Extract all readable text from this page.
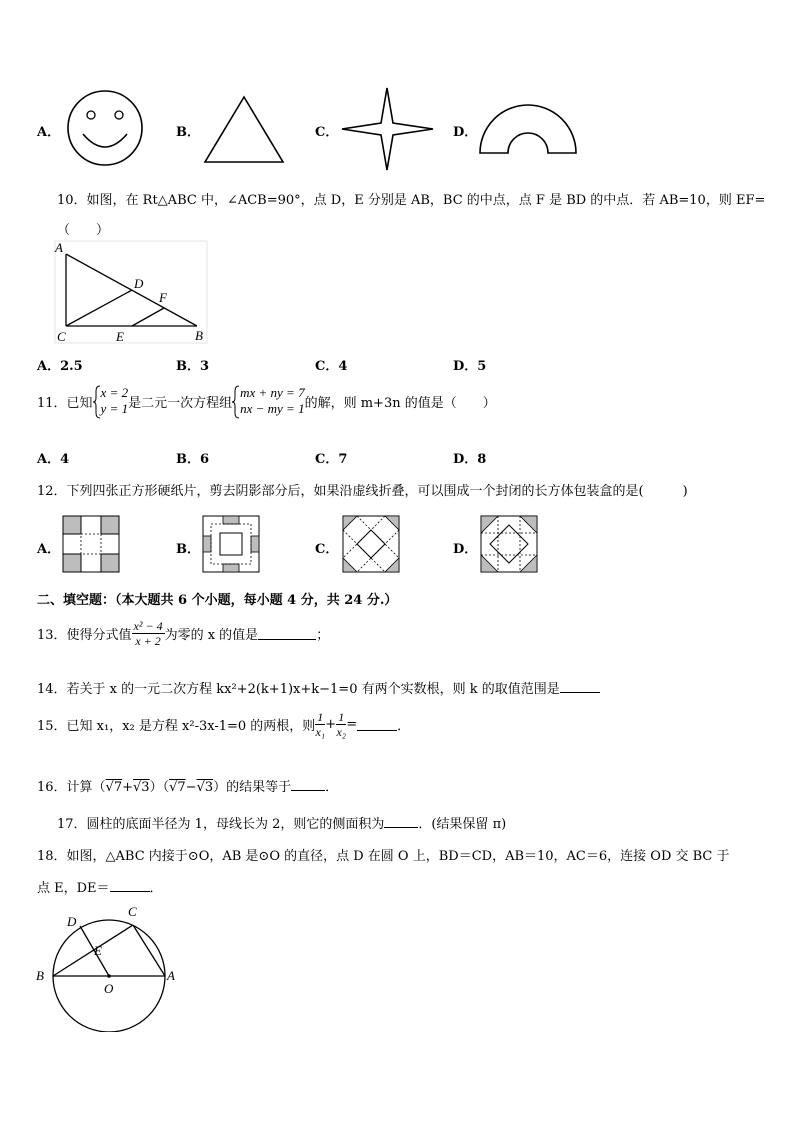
A．	B．	C．	D．
10．如图，在 Rt△ABC 中，∠ACB=90°，点 D，E 分别是 AB，BC 的中点，点 F 是 BD 的中点．若 AB=10，则 EF=
（　　）
A
D
F
C	E	B
A．2.5	B．3	C．4	D．5
11．已知
x = 2
y = 1 是二元一次方程组
mx + ny = 7
nx − my = 1 的解，则 m+3n 的值是（　　）
A．4	B．6	C．7	D．8
12．下列四张正方形硬纸片，剪去阴影部分后，如果沿虚线折叠，可以围成一个封闭的长方体包装盒的是(　　　)
A．	B．	C．	D．
二、填空题：（本大题共 6 个小题，每小题 4 分，共 24 分.）
13．使得分式值 $\frac{\text{x² − 4}}{x + 2}$ 为零的 x 的值是	；
14．若关于 x 的一元二次方程 kx²+2(k+1)x+k−1=0 有两个实数根，则 k 的取值范围是
15．已知 x₁，x₂ 是方程 x²-3x-1=0 的两根，则 $\frac{1}{\text{x₁}} + \frac{1}{\text{x₂}}$ =	．
16．计算（√7+√3）（√7−√3）的结果等于	．
17．圆柱的底面半径为 1，母线长为 2，则它的侧面积为	．(结果保留 π)
18．如图，△ABC 内接于⊙O，AB 是⊙O 的直径，点 D 在圆 O 上，BD＝CD，AB＝10，AC＝6，连接 OD 交 BC 于
点 E，DE＝	．
D
C
E
B	A
O
